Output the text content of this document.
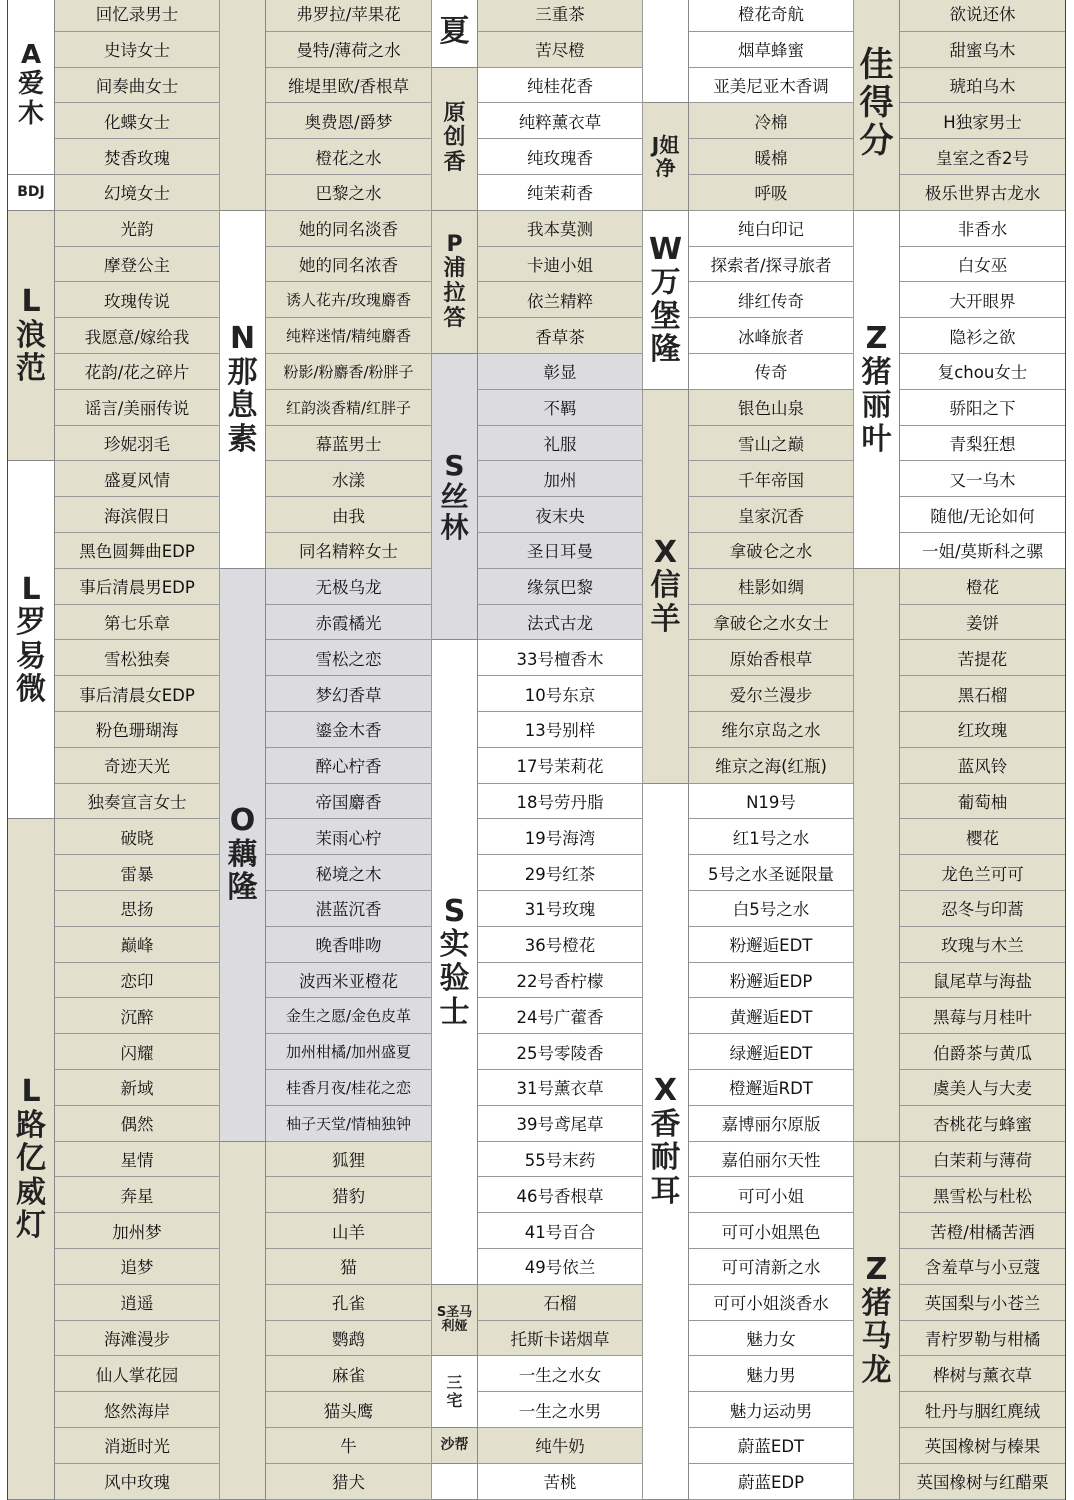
A
爱
木
BDJ
L
浪
范
L
罗
易
微
L
路
亿
威
灯
N
那
息
素
O
藕
隆
夏
原
创
香
P
浦
拉
答
S
丝
林
S
实
验
士
S圣马
利娅
三
宅
沙帮
J姐
净
W
万
堡
隆
X
信
羊
X
香
耐
耳
佳
得
分
Z
猪
丽
叶
Z
猪
马
龙
回忆录男士
史诗女士
间奏曲女士
化蝶女士
焚香玫瑰
幻境女士
光韵
摩登公主
玫瑰传说
我愿意/嫁给我
花韵/花之碎片
谣言/美丽传说
珍妮羽毛
盛夏风情
海滨假日
黑色圆舞曲EDP
事后清晨男EDP
第七乐章
雪松独奏
事后清晨女EDP
粉色珊瑚海
奇迹天光
独奏宣言女士
破晓
雷暴
思扬
巅峰
恋印
沉醉
闪耀
新域
偶然
星情
奔星
加州梦
追梦
逍遥
海滩漫步
仙人掌花园
悠然海岸
消逝时光
风中玫瑰
弗罗拉/苹果花
曼特/薄荷之水
维堤里欧/香根草
奥费恩/爵梦
橙花之水
巴黎之水
她的同名淡香
她的同名浓香
诱人花卉/玫瑰麝香
纯粹迷情/精纯麝香
粉影/粉麝香/粉胖子
红韵淡香精/红胖子
幕蓝男士
水漾
由我
同名精粹女士
无极乌龙
赤霞橘光
雪松之恋
梦幻香草
鎏金木香
醉心柠香
帝国麝香
茉雨心柠
秘境之木
湛蓝沉香
晚香啡吻
波西米亚橙花
金生之愿/金色皮革
加州柑橘/加州盛夏
桂香月夜/桂花之恋
柚子天堂/情柚独钟
狐狸
猎豹
山羊
猫
孔雀
鹦鹉
麻雀
猫头鹰
牛
猎犬
三重茶
苦尽橙
纯桂花香
纯粹薰衣草
纯玫瑰香
纯茉莉香
我本莫测
卡迪小姐
依兰精粹
香草茶
彰显
不羁
礼服
加州
夜末央
圣日耳曼
缘氛巴黎
法式古龙
33号檀香木
10号东京
13号别样
17号茉莉花
18号劳丹脂
19号海湾
29号红茶
31号玫瑰
36号橙花
22号香柠檬
24号广藿香
25号零陵香
31号薰衣草
39号鸢尾草
55号末药
46号香根草
41号百合
49号依兰
石榴
托斯卡诺烟草
一生之水女
一生之水男
纯牛奶
苦桃
橙花奇航
烟草蜂蜜
亚美尼亚木香调
冷棉
暖棉
呼吸
纯白印记
探索者/探寻旅者
绯红传奇
冰峰旅者
传奇
银色山泉
雪山之巅
千年帝国
皇家沉香
拿破仑之水
桂影如绸
拿破仑之水女士
原始香根草
爱尔兰漫步
维尔京岛之水
维京之海(红瓶)
N19号
红1号之水
5号之水圣诞限量
白5号之水
粉邂逅EDT
粉邂逅EDP
黄邂逅EDT
绿邂逅EDT
橙邂逅RDT
嘉博丽尔原版
嘉伯丽尔天性
可可小姐
可可小姐黑色
可可清新之水
可可小姐淡香水
魅力女
魅力男
魅力运动男
蔚蓝EDT
蔚蓝EDP
欲说还休
甜蜜乌木
琥珀乌木
H独家男士
皇室之香2号
极乐世界古龙水
非香水
白女巫
大开眼界
隐衫之欲
复chou女士
骄阳之下
青梨狂想
又一乌木
随他/无论如何
一姐/莫斯科之骡
橙花
姜饼
苦提花
黑石榴
红玫瑰
蓝风铃
葡萄柚
樱花
龙色兰可可
忍冬与印蒿
玫瑰与木兰
鼠尾草与海盐
黑莓与月桂叶
伯爵茶与黄瓜
虞美人与大麦
杏桃花与蜂蜜
白茉莉与薄荷
黑雪松与杜松
苦橙/柑橘苦酒
含羞草与小豆蔻
英国梨与小苍兰
青柠罗勒与柑橘
桦树与薰衣草
牡丹与胭红麂绒
英国橡树与榛果
英国橡树与红醋栗
